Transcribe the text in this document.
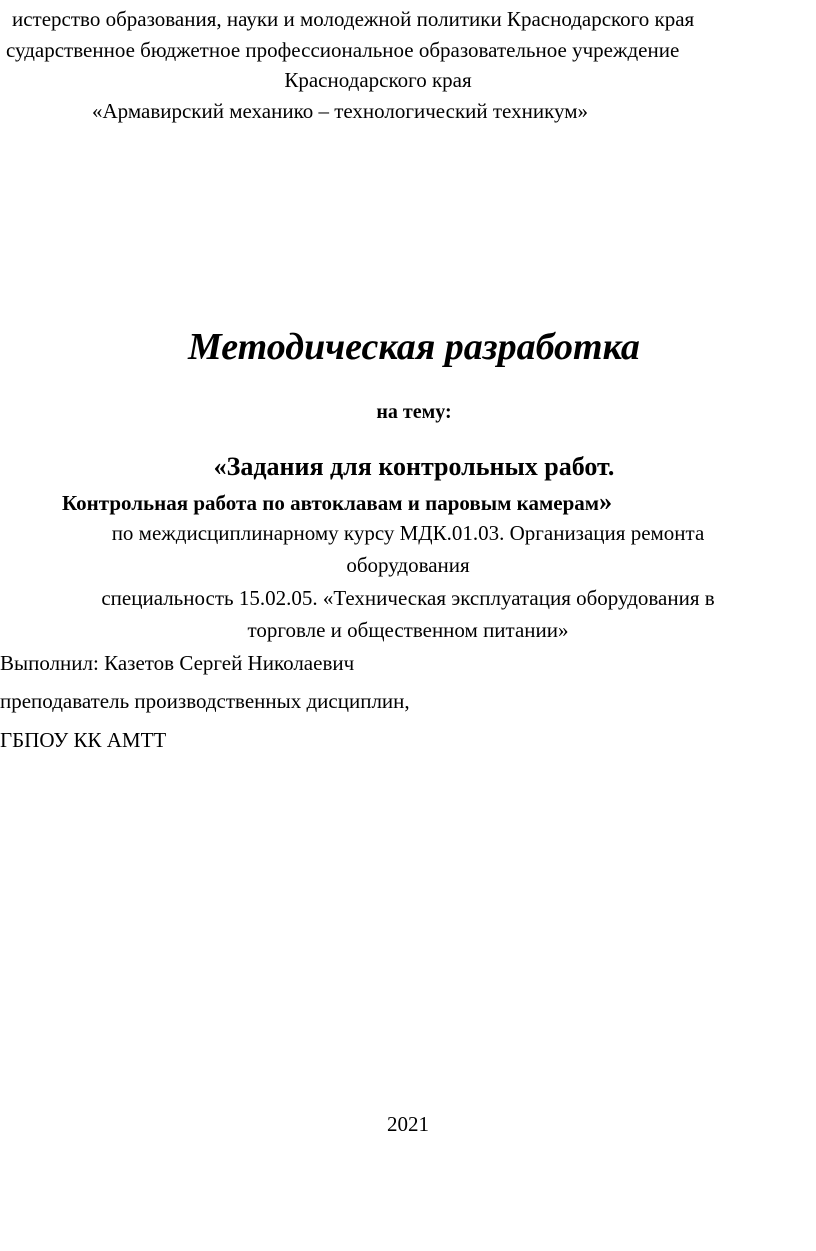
истерство образования, науки и молодежной политики Краснодарского края

сударственное бюджетное профессиональное образовательное учреждение

Краснодарского края

«Армавирский механико – технологический техникум»

Методическая разработка

на тему:

«Задания для контрольных работ.

Контрольная работа по автоклавам и паровым камерам»

по междисциплинарному курсу МДК.01.03. Организация ремонта

оборудования

специальность 15.02.05. «Техническая эксплуатация оборудования в

торговле и общественном питании»

Выполнил: Казетов Сергей Николаевич

преподаватель производственных дисциплин,

ГБПОУ КК АМТТ

2021
